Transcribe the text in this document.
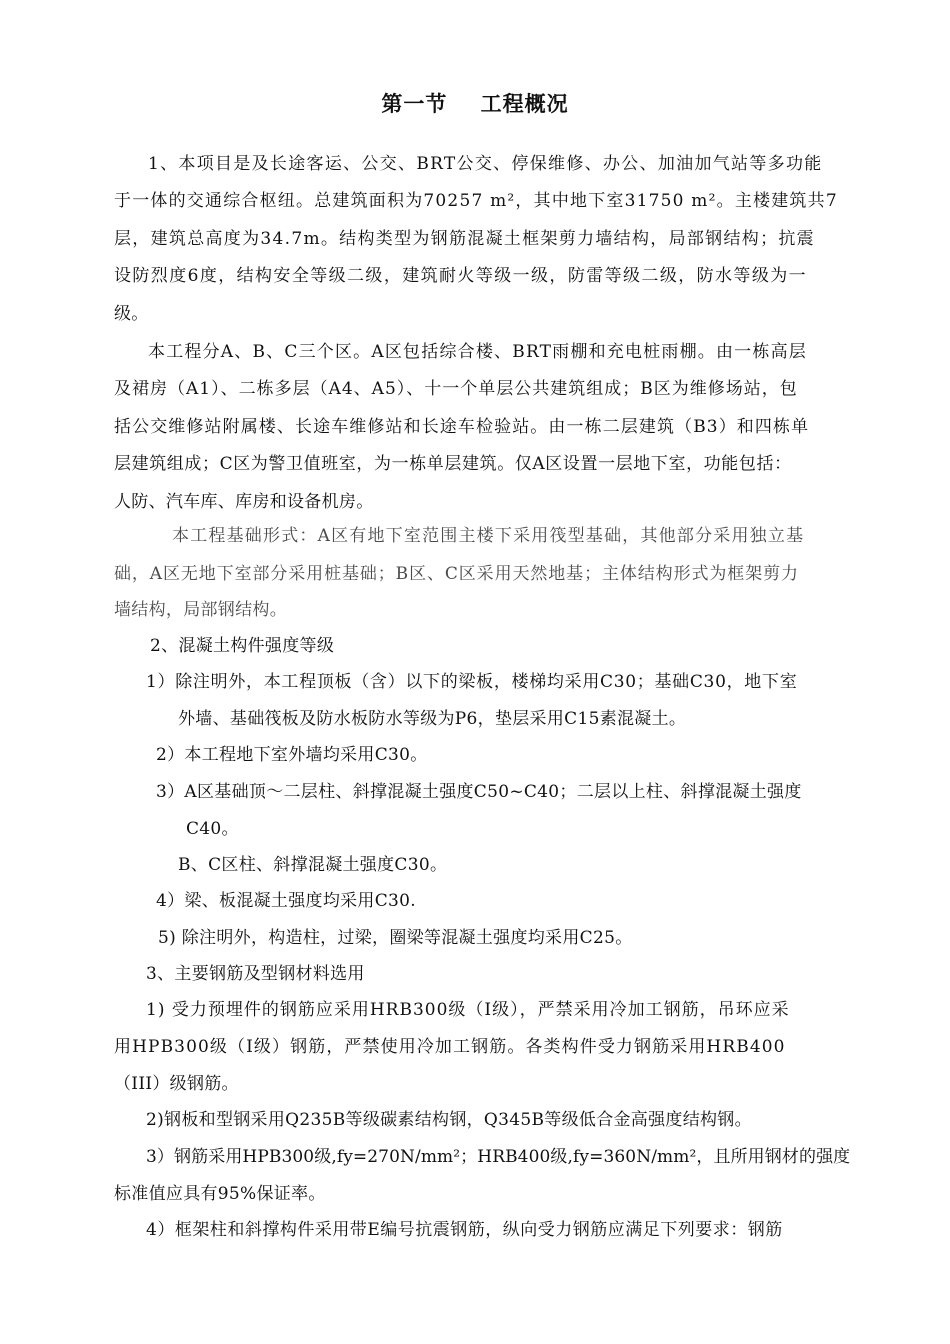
第一节    工程概况
1、本项目是及长途客运、公交、BRT公交、停保维修、办公、加油加气站等多功能
于一体的交通综合枢纽。总建筑面积为70257 m²，其中地下室31750 m²。主楼建筑共7
层，建筑总高度为34.7m。结构类型为钢筋混凝土框架剪力墙结构，局部钢结构；抗震
设防烈度6度，结构安全等级二级，建筑耐火等级一级，防雷等级二级，防水等级为一
级。
本工程分A、B、C三个区。A区包括综合楼、BRT雨棚和充电桩雨棚。由一栋高层
及裙房（A1）、二栋多层（A4、A5）、十一个单层公共建筑组成；B区为维修场站，包
括公交维修站附属楼、长途车维修站和长途车检验站。由一栋二层建筑（B3）和四栋单
层建筑组成；C区为警卫值班室，为一栋单层建筑。仅A区设置一层地下室，功能包括：
人防、汽车库、库房和设备机房。
本工程基础形式：A区有地下室范围主楼下采用筏型基础，其他部分采用独立基
础，A区无地下室部分采用桩基础；B区、C区采用天然地基；主体结构形式为框架剪力
墙结构，局部钢结构。
2、混凝土构件强度等级
1）除注明外，本工程顶板（含）以下的梁板，楼梯均采用C30；基础C30，地下室
外墙、基础筏板及防水板防水等级为P6，垫层采用C15素混凝土。
2）本工程地下室外墙均采用C30。
3）A区基础顶～二层柱、斜撑混凝土强度C50~C40；二层以上柱、斜撑混凝土强度
C40。
B、C区柱、斜撑混凝土强度C30。
4）梁、板混凝土强度均采用C30.
5) 除注明外，构造柱，过梁，圈梁等混凝土强度均采用C25。
3、主要钢筋及型钢材料选用
1) 受力预埋件的钢筋应采用HRB300级（I级），严禁采用冷加工钢筋，吊环应采
用HPB300级（I级）钢筋，严禁使用冷加工钢筋。各类构件受力钢筋采用HRB400
（III）级钢筋。
2)钢板和型钢采用Q235B等级碳素结构钢，Q345B等级低合金高强度结构钢。
3）钢筋采用HPB300级,fy=270N/mm²；HRB400级,fy=360N/mm²，且所用钢材的强度
标准值应具有95%保证率。
4）框架柱和斜撑构件采用带E编号抗震钢筋，纵向受力钢筋应满足下列要求：钢筋
